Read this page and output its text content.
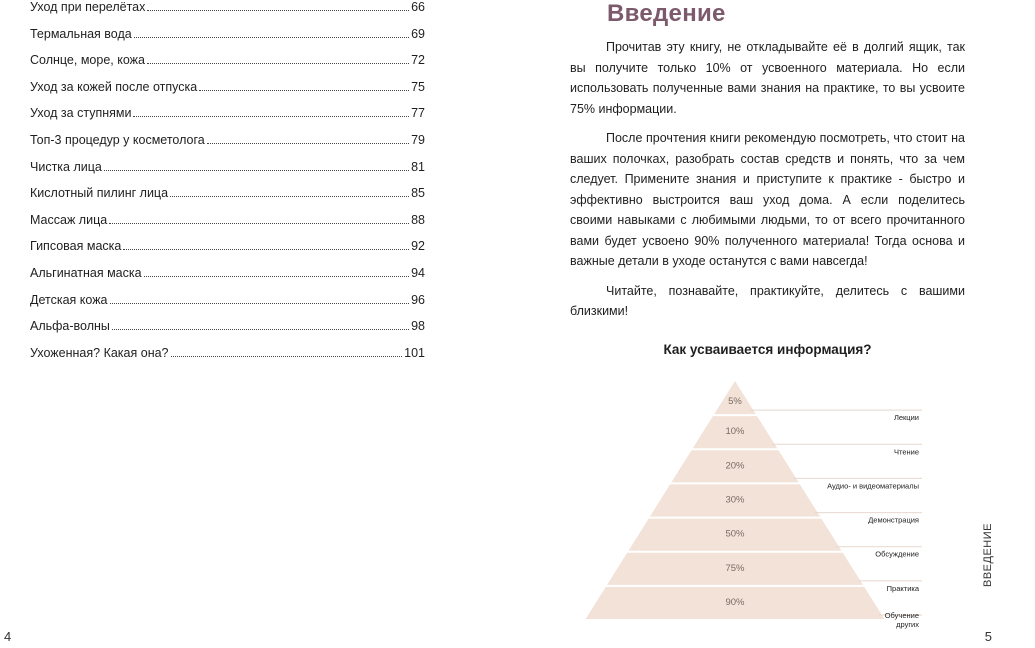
Уход при перелётах	66
Термальная вода	69
Солнце, море, кожа	72
Уход за кожей после отпуска	75
Уход за ступнями	77
Топ-3 процедур у косметолога	79
Чистка лица	81
Кислотный пилинг лица	85
Массаж лица	88
Гипсовая маска	92
Альгинатная маска	94
Детская кожа	96
Альфа-волны	98
Ухоженная? Какая она?	101
4
Введение

Прочитав эту книгу, не откладывайте её в долгий ящик, так вы получите только 10% от усвоенного материала. Но если использовать полученные вами знания на практике, то вы усвоите 75% информации.

После прочтения книги рекомендую посмотреть, что стоит на ваших полочках, разобрать состав средств и понять, что за чем следует. Примените знания и приступите к практике - быстро и эффективно выстроится ваш уход дома. А если поделитесь своими навыками с любимыми людьми, то от всего прочитанного вами будет усвоено 90% полученного материала! Тогда основа и важные детали в уходе останутся с вами навсегда!

Читайте, познавайте, практикуйте, делитесь с вашими близкими!

5
Как усваивается информация?
5%
Лекции
10%
Чтение
20%
Аудио- и видеоматериалы
30%
Демонстрация
50%
Обсуждение
75%
Практика
90%
Обучение других
ВВЕДЕНИЕ
